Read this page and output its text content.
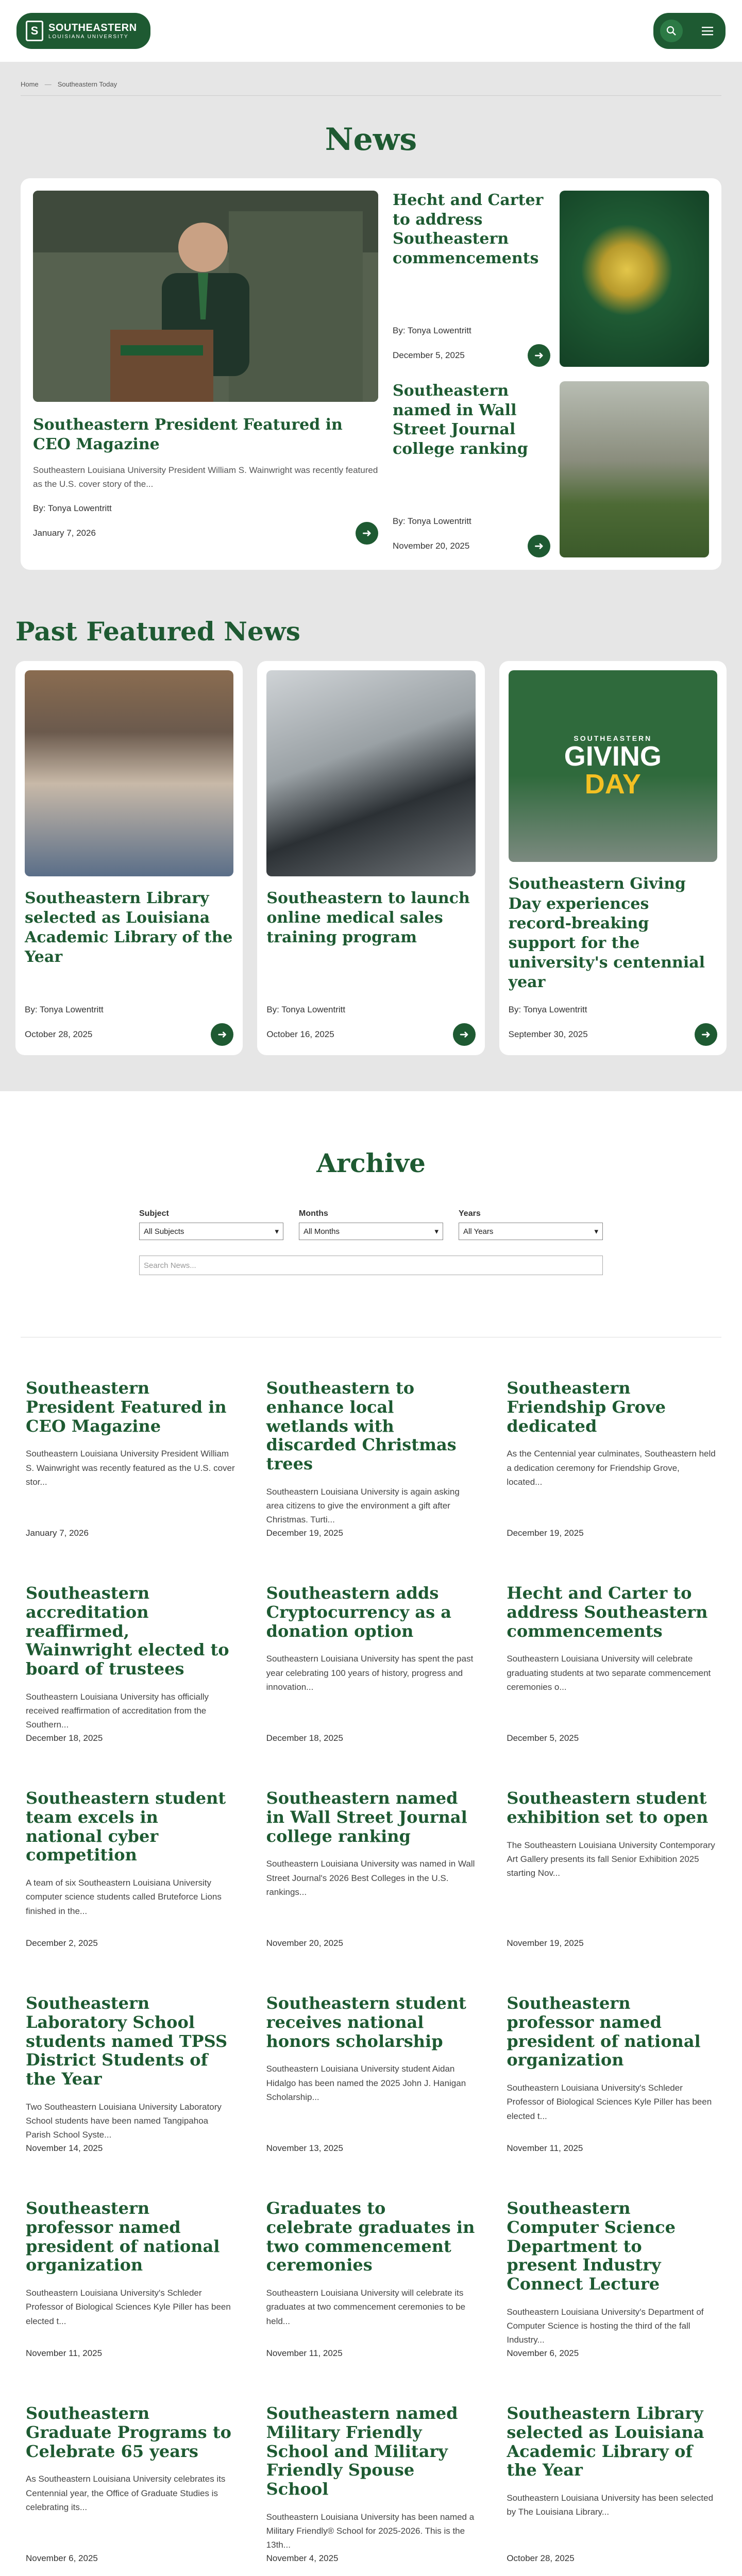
S SOUTHEASTERN
LOUISIANA UNIVERSITY
Home — Southeastern Today
News
Southeastern President Featured in CEO Magazine

Southeastern Louisiana University President William S. Wainwright was recently featured as the U.S. cover story of the...

By: Tonya Lowentritt
January 7, 2026	➜
Hecht and Carter to address Southeastern commencements
By: Tonya Lowentritt
December 5, 2025	➜
Southeastern named in Wall Street Journal college ranking
By: Tonya Lowentritt
November 20, 2025	➜
Past Featured News
Southeastern Library selected as Louisiana Academic Library of the Year
By: Tonya Lowentritt
October 28, 2025	➜
Southeastern to launch online medical sales training program
By: Tonya Lowentritt
October 16, 2025	➜
SOUTHEASTERN
GIVING
DAY
Southeastern Giving Day experiences record-breaking support for the university's centennial year
By: Tonya Lowentritt
September 30, 2025	➜
Archive
Subject
All Subjects	▾
Months
All Months	▾
Years
All Years	▾
Search News...
Southeastern President Featured in CEO Magazine

Southeastern Louisiana University President William S. Wainwright was recently featured as the U.S. cover stor...

January 7, 2026
Southeastern to enhance local wetlands with discarded Christmas trees

Southeastern Louisiana University is again asking area citizens to give the environment a gift after Christmas. Turti...

December 19, 2025
Southeastern Friendship Grove dedicated

As the Centennial year culminates, Southeastern held a dedication ceremony for Friendship Grove, located...

December 19, 2025
Southeastern accreditation reaffirmed, Wainwright elected to board of trustees

Southeastern Louisiana University has officially received reaffirmation of accreditation from the Southern...

December 18, 2025
Southeastern adds Cryptocurrency as a donation option

Southeastern Louisiana University has spent the past year celebrating 100 years of history, progress and innovation...

December 18, 2025
Hecht and Carter to address Southeastern commencements

Southeastern Louisiana University will celebrate graduating students at two separate commencement ceremonies o...

December 5, 2025
Southeastern student team excels in national cyber competition

A team of six Southeastern Louisiana University computer science students called Bruteforce Lions finished in the...

December 2, 2025
Southeastern named in Wall Street Journal college ranking

Southeastern Louisiana University was named in Wall Street Journal's 2026 Best Colleges in the U.S. rankings...

November 20, 2025
Southeastern student exhibition set to open

The Southeastern Louisiana University Contemporary Art Gallery presents its fall Senior Exhibition 2025 starting Nov...

November 19, 2025
Southeastern Laboratory School students named TPSS District Students of the Year

Two Southeastern Louisiana University Laboratory School students have been named Tangipahoa Parish School Syste...

November 14, 2025
Southeastern student receives national honors scholarship

Southeastern Louisiana University student Aidan Hidalgo has been named the 2025 John J. Hanigan Scholarship...

November 13, 2025
Southeastern professor named president of national organization

Southeastern Louisiana University's Schleder Professor of Biological Sciences Kyle Piller has been elected t...

November 11, 2025
Southeastern professor named president of national organization

Southeastern Louisiana University's Schleder Professor of Biological Sciences Kyle Piller has been elected t...

November 11, 2025
Graduates to celebrate graduates in two commencement ceremonies

Southeastern Louisiana University will celebrate its graduates at two commencement ceremonies to be held...

November 11, 2025
Southeastern Computer Science Department to present Industry Connect Lecture

Southeastern Louisiana University's Department of Computer Science is hosting the third of the fall Industry...

November 6, 2025
Southeastern Graduate Programs to Celebrate 65 years

As Southeastern Louisiana University celebrates its Centennial year, the Office of Graduate Studies is celebrating its...

November 6, 2025
Southeastern named Military Friendly School and Military Friendly Spouse School

Southeastern Louisiana University has been named a Military Friendly® School for 2025-2026. This is the 13th...

November 4, 2025
Southeastern Library selected as Louisiana Academic Library of the Year

Southeastern Louisiana University has been selected by The Louisiana Library...

October 28, 2025
